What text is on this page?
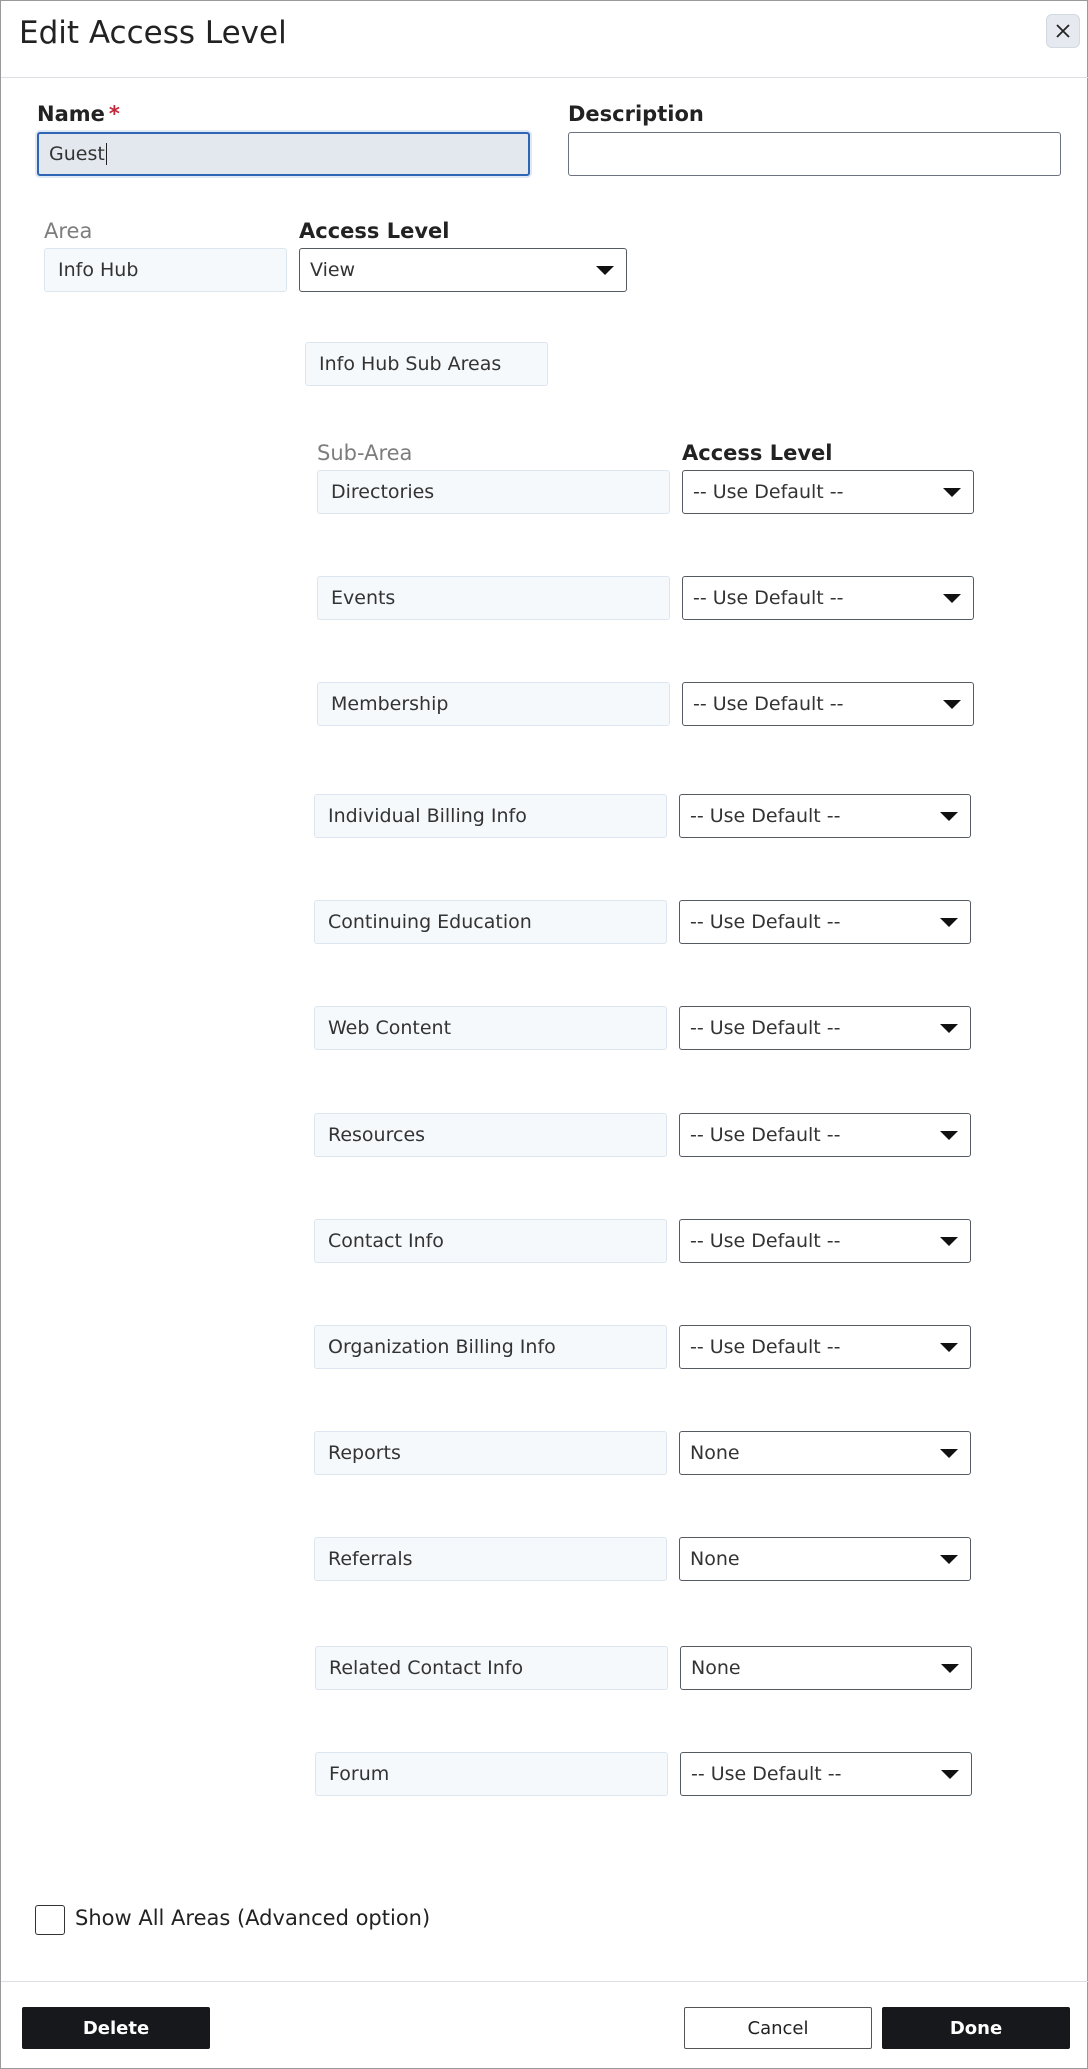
Edit Access Level
Name *
Guest
Description
Area
Info Hub
Access Level
View
Info Hub Sub Areas
Sub-Area	Access Level
Directories	-- Use Default --
Events	-- Use Default --
Membership	-- Use Default --
Individual Billing Info	-- Use Default --
Continuing Education	-- Use Default --
Web Content	-- Use Default --
Resources	-- Use Default --
Contact Info	-- Use Default --
Organization Billing Info	-- Use Default --
Reports	None
Referrals	None
Related Contact Info	None
Forum	-- Use Default --
Show All Areas (Advanced option)
Delete	Cancel	Done
